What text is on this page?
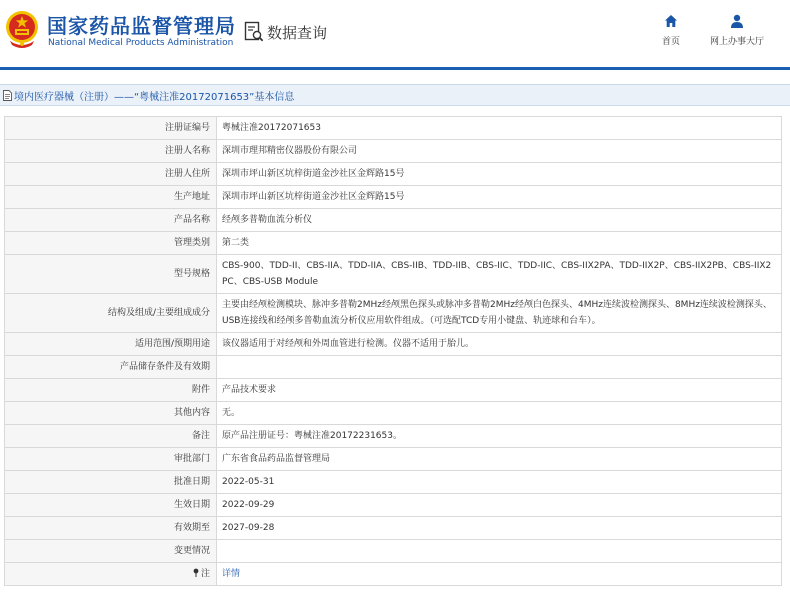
国家药品监督管理局
National Medical Products Administration
数据查询
首页	网上办事大厅
境内医疗器械（注册）——“粤械注准20172071653”基本信息
注册证编号	粤械注准20172071653
注册人名称	深圳市理邦精密仪器股份有限公司
注册人住所	深圳市坪山新区坑梓街道金沙社区金辉路15号
生产地址	深圳市坪山新区坑梓街道金沙社区金辉路15号
产品名称	经颅多普勒血流分析仪
管理类别	第二类
型号规格	CBS-900、TDD-II、CBS-IIA、TDD-IIA、CBS-IIB、TDD-IIB、CBS-IIC、TDD-IIC、CBS-IIX2PA、TDD-IIX2P、CBS-IIX2PB、CBS-IIX2PC、CBS-USB Module
结构及组成/主要组成成分	主要由经颅检测模块、脉冲多普勒2MHz经颅黑色探头或脉冲多普勒2MHz经颅白色探头、4MHz连续波检测探头、8MHz连续波检测探头、USB连接线和经颅多普勒血流分析仪应用软件组成。（可选配TCD专用小键盘、轨迹球和台车）。
适用范围/预期用途	该仪器适用于对经颅和外周血管进行检测。仪器不适用于胎儿。
产品储存条件及有效期	
附件	产品技术要求
其他内容	无。
备注	原产品注册证号：粤械注准20172231653。
审批部门	广东省食品药品监督管理局
批准日期	2022-05-31
生效日期	2022-09-29
有效期至	2027-09-28
变更情况	
注	详情
